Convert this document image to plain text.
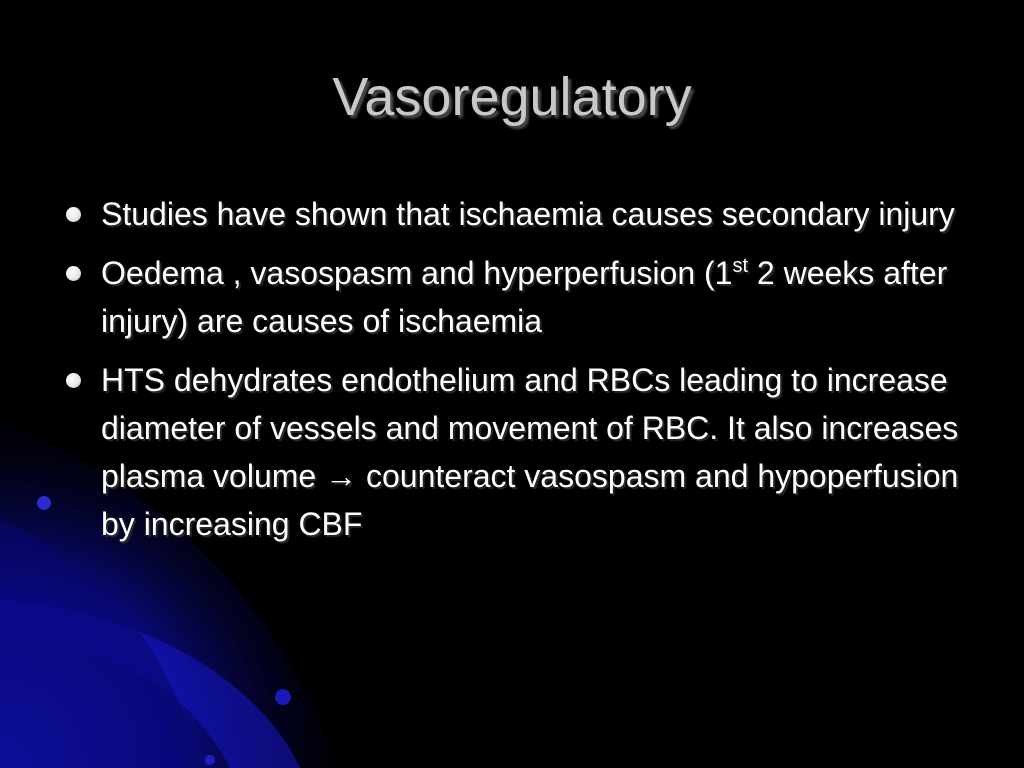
Vasoregulatory
Studies have shown that ischaemia causes secondary injury
Oedema , vasospasm and hyperperfusion (1st 2 weeks after injury) are causes of ischaemia
HTS dehydrates endothelium and RBCs leading to increase diameter of vessels and movement of RBC. It also increases plasma volume → counteract vasospasm and hypoperfusion by increasing CBF
